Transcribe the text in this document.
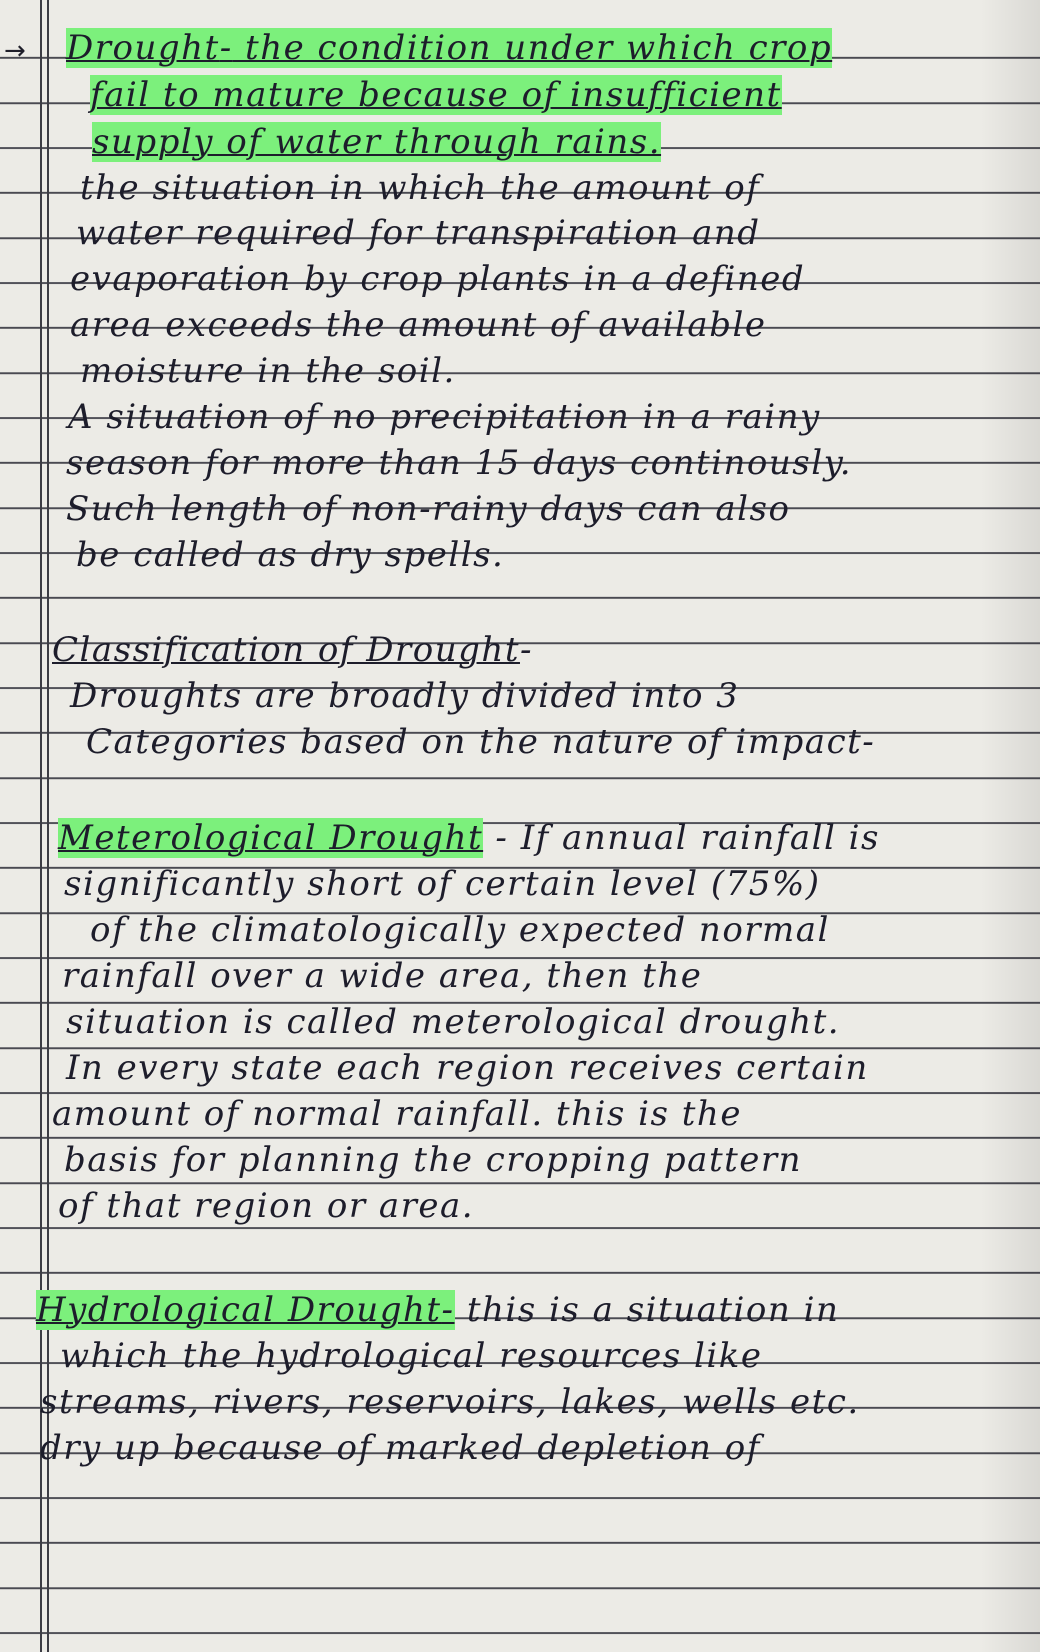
→ Drought- the condition under which crop
fail to mature because of insufficient
supply of water through rains.
the situation in which the amount of
water required for transpiration and
evaporation by crop plants in a defined
area exceeds the amount of available
moisture in the soil.
A situation of no precipitation in a rainy
season for more than 15 days continously.
Such length of non-rainy days can also
be called as dry spells.
Classification of Drought-
Droughts are broadly divided into 3
Categories based on the nature of impact-
Meterological Drought - If annual rainfall is
significantly short of certain level (75%)
of the climatologically expected normal
rainfall over a wide area, then the
situation is called meterological drought.
In every state each region receives certain
amount of normal rainfall. this is the
basis for planning the cropping pattern
of that region or area.
Hydrological Drought- this is a situation in
which the hydrological resources like
streams, rivers, reservoirs, lakes, wells etc.
dry up because of marked depletion of
